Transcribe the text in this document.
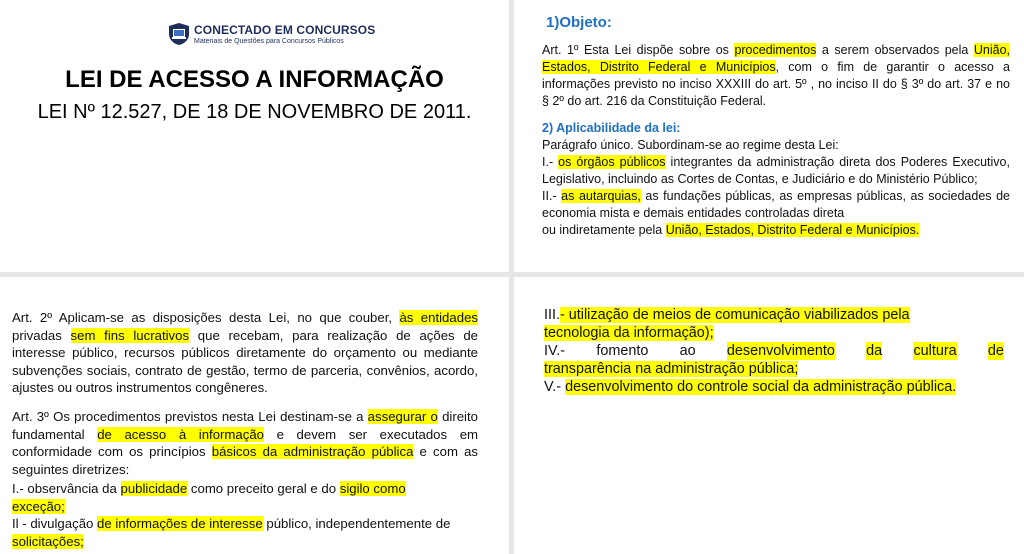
CONECTADO EM CONCURSOS
Materiais de Questões para Concursos Públicos
LEI DE ACESSO A INFORMAÇÃO
LEI Nº 12.527, DE 18 DE NOVEMBRO DE 2011.
1)Objeto:
Art. 1º Esta Lei dispõe sobre os procedimentos a serem observados pela União, Estados, Distrito Federal e Municípios, com o fim de garantir o acesso a informações previsto no inciso XXXIII do art. 5º , no inciso II do § 3º do art. 37 e no § 2º do art. 216 da Constituição Federal.
2) Aplicabilidade da lei:
Parágrafo único. Subordinam-se ao regime desta Lei:
I.- os órgãos públicos integrantes da administração direta dos Poderes Executivo, Legislativo, incluindo as Cortes de Contas, e Judiciário e do Ministério Público;
II.- as autarquias, as fundações públicas, as empresas públicas, as sociedades de economia mista e demais entidades controladas direta
ou indiretamente pela União, Estados, Distrito Federal e Municípios.
Art. 2º Aplicam-se as disposições desta Lei, no que couber, às entidades privadas sem fins lucrativos que recebam, para realização de ações de interesse público, recursos públicos diretamente do orçamento ou mediante subvenções sociais, contrato de gestão, termo de parceria, convênios, acordo, ajustes ou outros instrumentos congêneres.
Art. 3º Os procedimentos previstos nesta Lei destinam-se a assegurar o direito fundamental de acesso à informação e devem ser executados em conformidade com os princípios básicos da administração pública e com as seguintes diretrizes:
I.- observância da publicidade como preceito geral e do sigilo como
exceção;
Il - divulgação de informações de interesse público, independentemente de
solicitações;
III.- utilização de meios de comunicação viabilizados pela
tecnologia da informação);
IV.- fomento ao desenvolvimento da cultura de
transparência na administração pública;
V.- desenvolvimento do controle social da administração pública.
